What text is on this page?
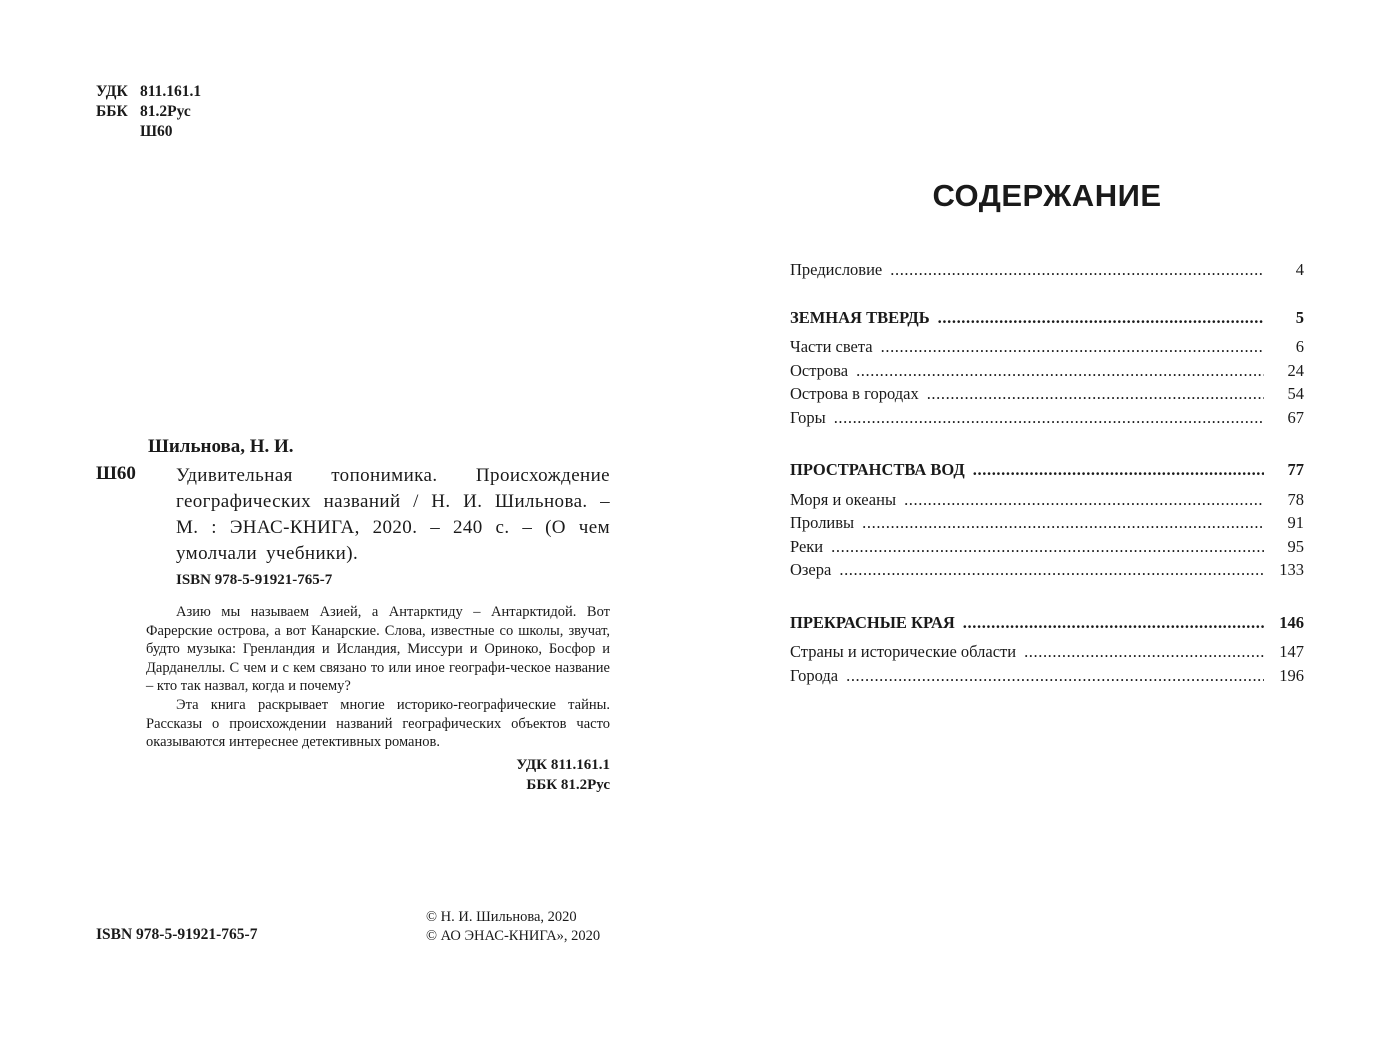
УДК 811.161.1
ББК 81.2Рус
Ш60
Шильнова, Н. И.
Ш60 Удивительная топонимика. Происхождение географических названий / Н. И. Шильнова. – М. : ЭНАС-КНИГА, 2020. – 240 с. – (О чем умолчали учебники).
ISBN 978-5-91921-765-7

Азию мы называем Азией, а Антарктиду – Антарктидой. Вот Фарерские острова, а вот Канарские. Слова, известные со школы, звучат, будто музыка: Гренландия и Исландия, Миссури и Ориноко, Босфор и Дарданеллы. С чем и с кем связано то или иное географи-ческое название – кто так назвал, когда и почему?

Эта книга раскрывает многие историко-географические тайны. Рассказы о происхождении названий географических объектов часто оказываются интереснее детективных романов.

УДК 811.161.1
ББК 81.2Рус
ISBN 978-5-91921-765-7
© Н. И. Шильнова, 2020
© АО ЭНАС-КНИГА», 2020
СОДЕРЖАНИЕ
Предисловие .....	4
ЗЕМНАЯ ТВЕРДЬ .....	5
Части света .....	6
Острова .....	24
Острова в городах .....	54
Горы .....	67
ПРОСТРАНСТВА ВОД .....	77
Моря и океаны .....	78
Проливы .....	91
Реки .....	95
Озера .....	133
ПРЕКРАСНЫЕ КРАЯ .....	146
Страны и исторические области .....	147
Города .....	196
